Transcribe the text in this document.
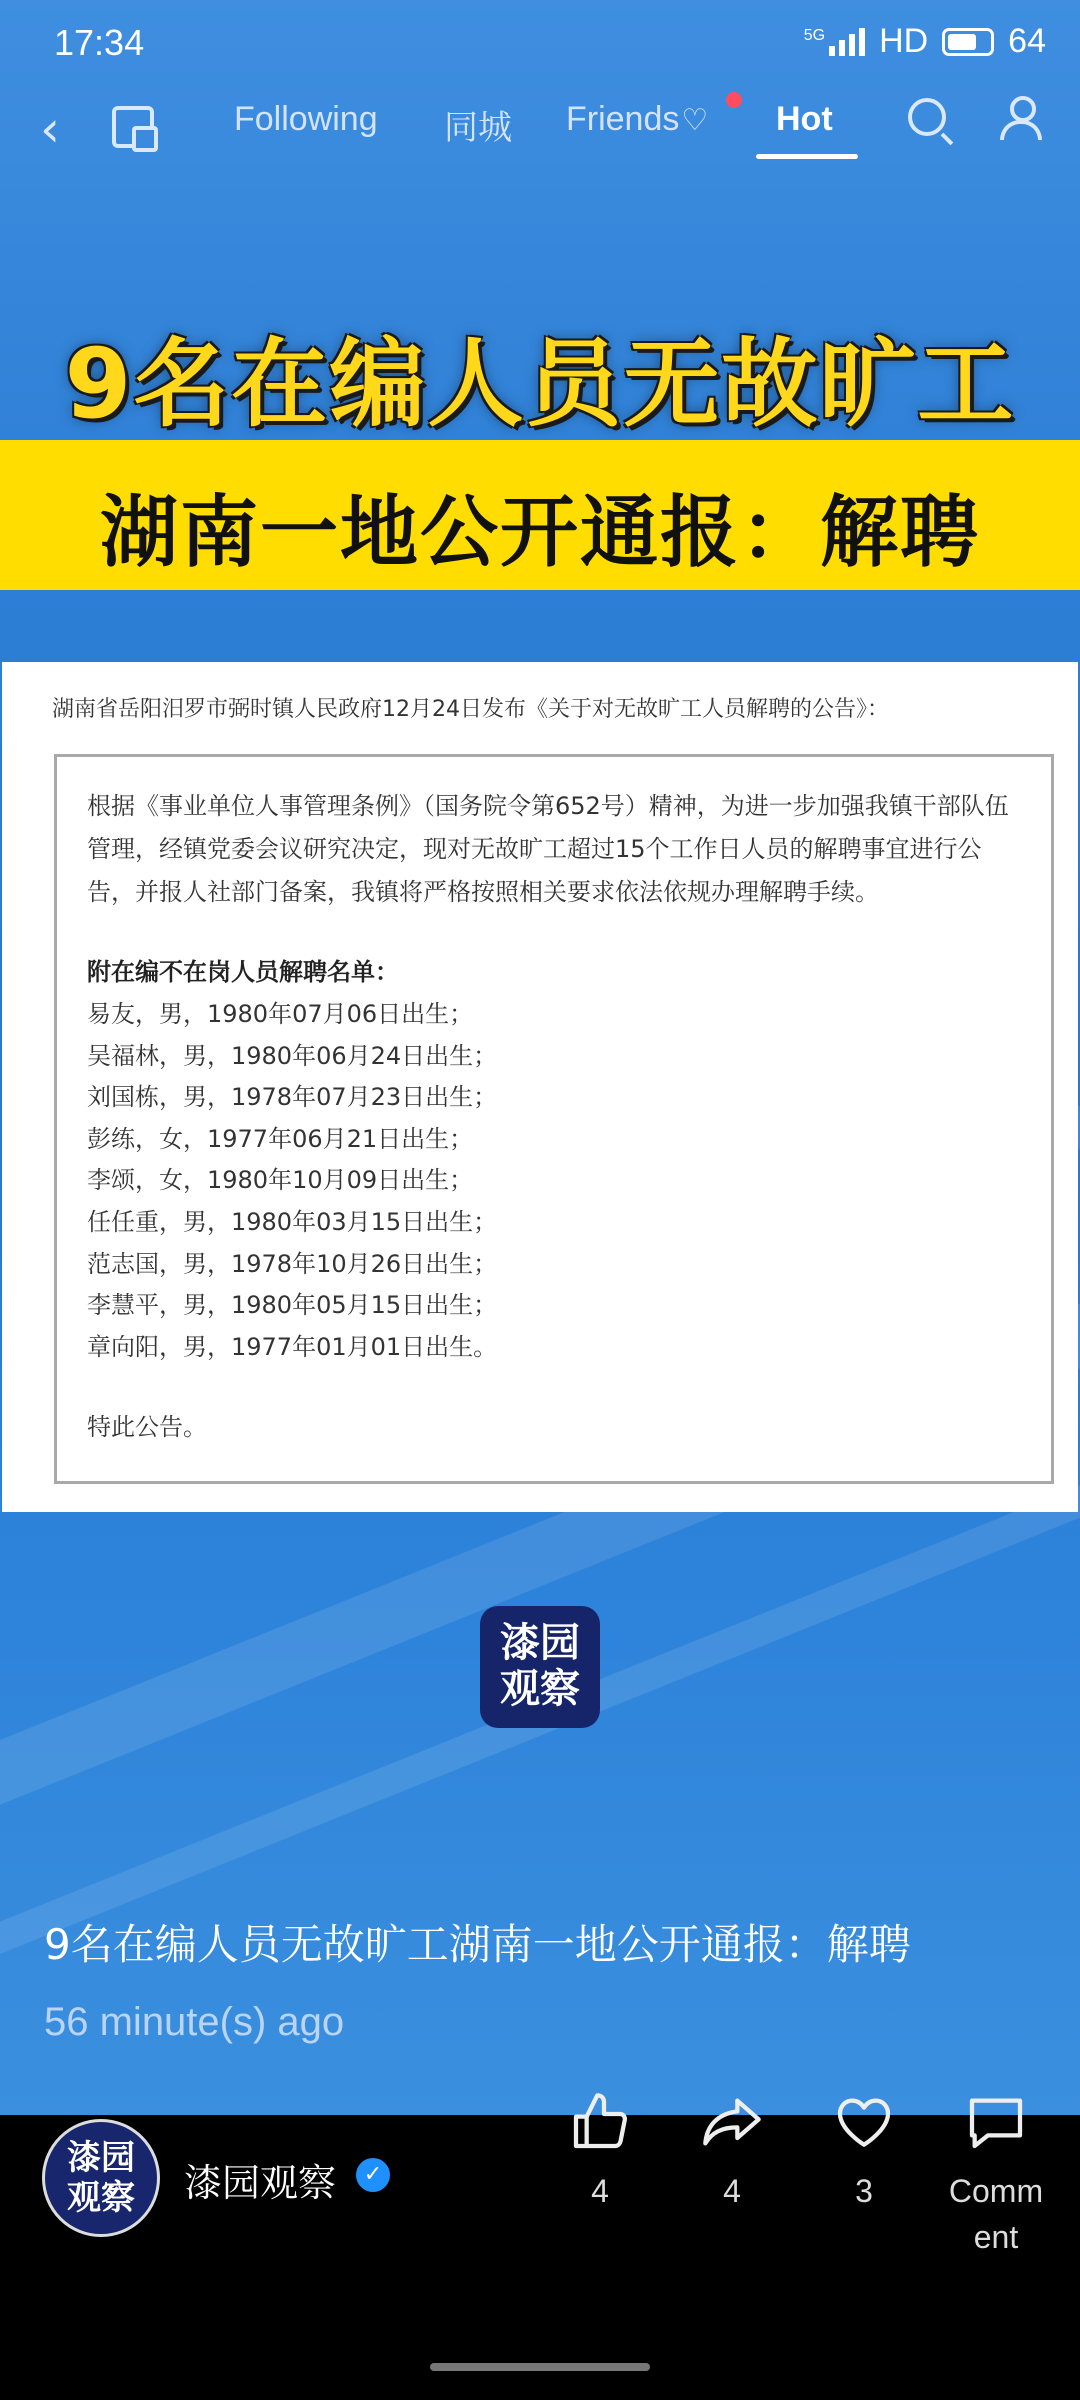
17:34	5G HD 64
‹	Following 同城 Friends♡ Hot
9名在编人员无故旷工
湖南一地公开通报：解聘
湖南省岳阳汨罗市弼时镇人民政府12月24日发布《关于对无故旷工人员解聘的公告》：
根据《事业单位人事管理条例》（国务院令第652号）精神，为进一步加强我镇干部队伍管理，经镇党委会议研究决定，现对无故旷工超过15个工作日人员的解聘事宜进行公告，并报人社部门备案，我镇将严格按照相关要求依法依规办理解聘手续。
附在编不在岗人员解聘名单：
易友，男，1980年07月06日出生；
吴福林，男，1980年06月24日出生；
刘国栋，男，1978年07月23日出生；
彭练，女，1977年06月21日出生；
李颂，女，1980年10月09日出生；
任任重，男，1980年03月15日出生；
范志国，男，1978年10月26日出生；
李慧平，男，1980年05月15日出生；
章向阳，男，1977年01月01日出生。
特此公告。
漆园
观察
9名在编人员无故旷工湖南一地公开通报：解聘
56 minute(s) ago
漆园
观察	漆园观察	✓	4	4	3	Comm ent
